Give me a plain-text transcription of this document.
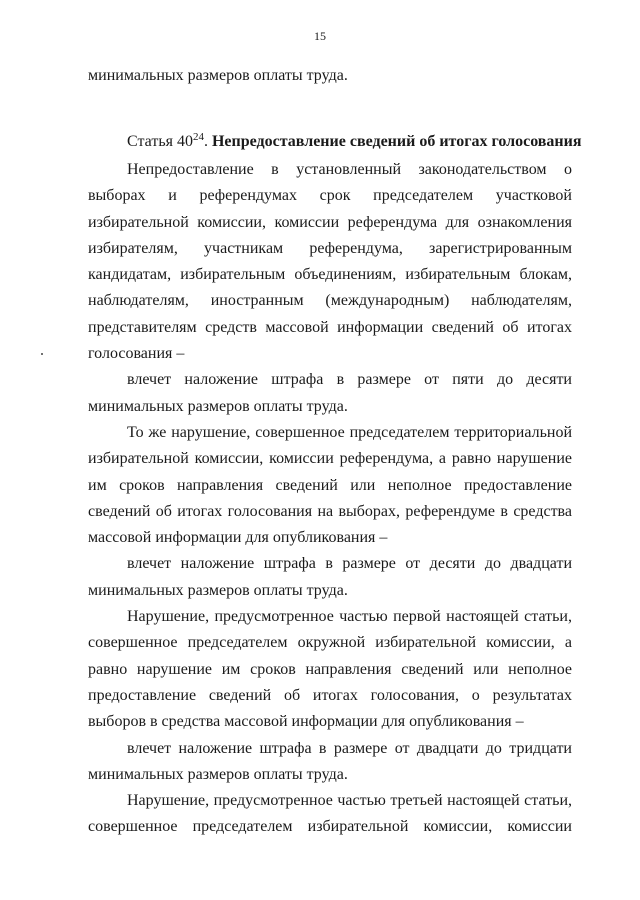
15

минимальных размеров оплаты труда.

Статья $40^{24}$. Непредоставление сведений об итогах голосования

Непредоставление в установленный законодательством о выборах и референдумах срок председателем участковой избирательной комиссии, комиссии референдума для ознакомления избирателям, участникам референдума, зарегистрированным кандидатам, избирательным объединениям, избирательным блокам, наблюдателям, иностранным (международным) наблюдателям, представителям средств массовой информации сведений об итогах голосования –

влечет наложение штрафа в размере от пяти до десяти минимальных размеров оплаты труда.

То же нарушение, совершенное председателем территориальной избирательной комиссии, комиссии референдума, а равно нарушение им сроков направления сведений или неполное предоставление сведений об итогах голосования на выборах, референдуме в средства массовой информации для опубликования –

влечет наложение штрафа в размере от десяти до двадцати минимальных размеров оплаты труда.

Нарушение, предусмотренное частью первой настоящей статьи, совершенное председателем окружной избирательной комиссии, а равно нарушение им сроков направления сведений или неполное предоставление сведений об итогах голосования, о результатах выборов в средства массовой информации для опубликования –

влечет наложение штрафа в размере от двадцати до тридцати минимальных размеров оплаты труда.

Нарушение, предусмотренное частью третьей настоящей статьи, совершенное председателем избирательной комиссии, комиссии
